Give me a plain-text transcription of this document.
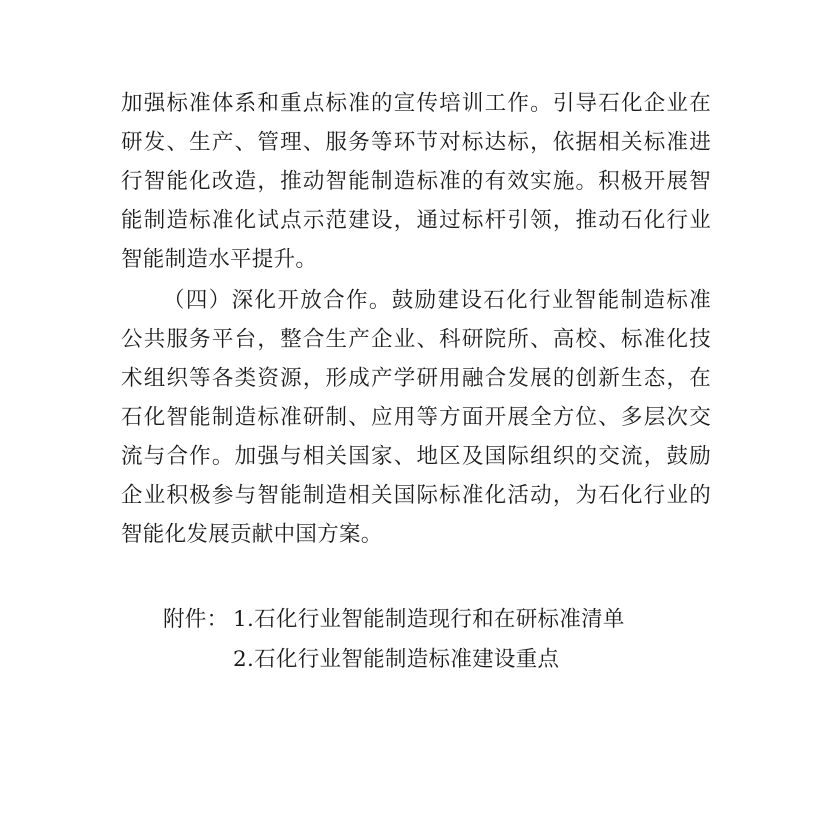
加强标准体系和重点标准的宣传培训工作。引导石化企业在
研发、生产、管理、服务等环节对标达标，依据相关标准进
行智能化改造，推动智能制造标准的有效实施。积极开展智
能制造标准化试点示范建设，通过标杆引领，推动石化行业
智能制造水平提升。
（四）深化开放合作。鼓励建设石化行业智能制造标准
公共服务平台，整合生产企业、科研院所、高校、标准化技
术组织等各类资源，形成产学研用融合发展的创新生态，在
石化智能制造标准研制、应用等方面开展全方位、多层次交
流与合作。加强与相关国家、地区及国际组织的交流，鼓励
企业积极参与智能制造相关国际标准化活动，为石化行业的
智能化发展贡献中国方案。
附件： 1.石化行业智能制造现行和在研标准清单
2.石化行业智能制造标准建设重点
